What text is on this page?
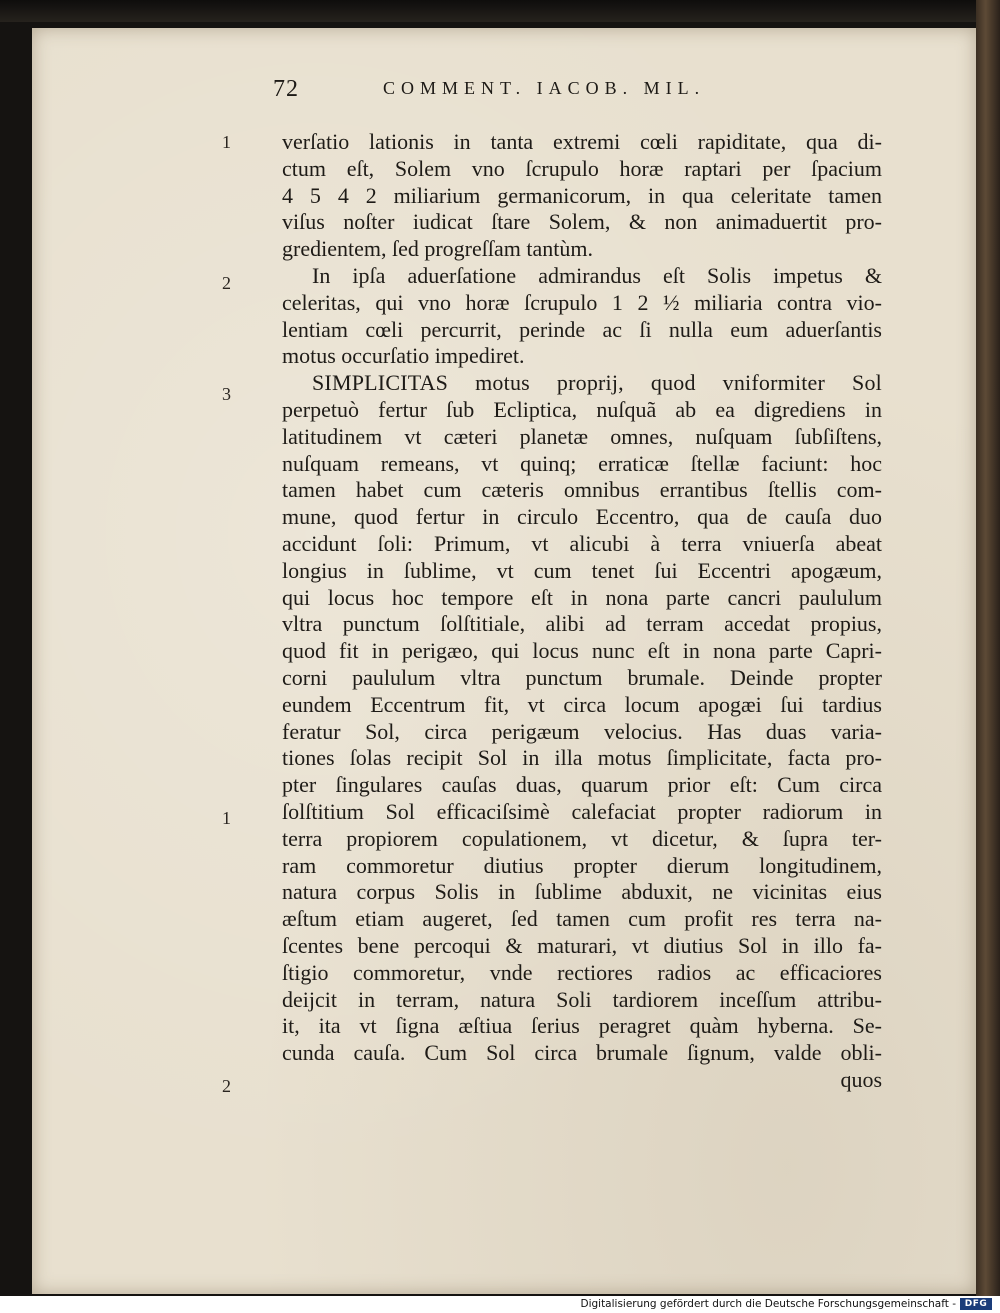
72	COMMENT. IACOB. MIL.
1
2
3
1
2
verſatio lationis in tanta extremi cœli rapiditate, qua di-
ctum eſt, Solem vno ſcrupulo horæ raptari per ſpacium
4 5 4 2 miliarium germanicorum, in qua celeritate tamen
viſus noſter iudicat ſtare Solem, & non animaduertit pro-
gredientem, ſed progreſſam tantùm.
In ipſa aduerſatione admirandus eſt Solis impetus &
celeritas, qui vno horæ ſcrupulo 1 2 ½ miliaria contra vio-
lentiam cœli percurrit, perinde ac ſi nulla eum aduerſantis
motus occurſatio impediret.
SIMPLICITAS motus proprij, quod vniformiter Sol
perpetuò fertur ſub Ecliptica, nuſquã ab ea digrediens in
latitudinem vt cæteri planetæ omnes, nuſquam ſubſiſtens,
nuſquam remeans, vt quinq; erraticæ ſtellæ faciunt: hoc
tamen habet cum cæteris omnibus errantibus ſtellis com-
mune, quod fertur in circulo Eccentro, qua de cauſa duo
accidunt ſoli: Primum, vt alicubi à terra vniuerſa abeat
longius in ſublime, vt cum tenet ſui Eccentri apogæum,
qui locus hoc tempore eſt in nona parte cancri paululum
vltra punctum ſolſtitiale, alibi ad terram accedat propius,
quod fit in perigæo, qui locus nunc eſt in nona parte Capri-
corni paululum vltra punctum brumale. Deinde propter
eundem Eccentrum fit, vt circa locum apogæi ſui tardius
feratur Sol, circa perigæum velocius. Has duas varia-
tiones ſolas recipit Sol in illa motus ſimplicitate, facta pro-
pter ſingulares cauſas duas, quarum prior eſt: Cum circa
ſolſtitium Sol efficaciſsimè calefaciat propter radiorum in
terra propiorem copulationem, vt dicetur, & ſupra ter-
ram commoretur diutius propter dierum longitudinem,
natura corpus Solis in ſublime abduxit, ne vicinitas eius
æſtum etiam augeret, ſed tamen cum profit res terra na-
ſcentes bene percoqui & maturari, vt diutius Sol in illo fa-
ſtigio commoretur, vnde rectiores radios ac efficaciores
deijcit in terram, natura Soli tardiorem inceſſum attribu-
it, ita vt ſigna æſtiua ſerius peragret quàm hyberna. Se-
cunda cauſa. Cum Sol circa brumale ſignum, valde obli-
quos
Digitalisierung gefördert durch die Deutsche Forschungsgemeinschaft - DFG
